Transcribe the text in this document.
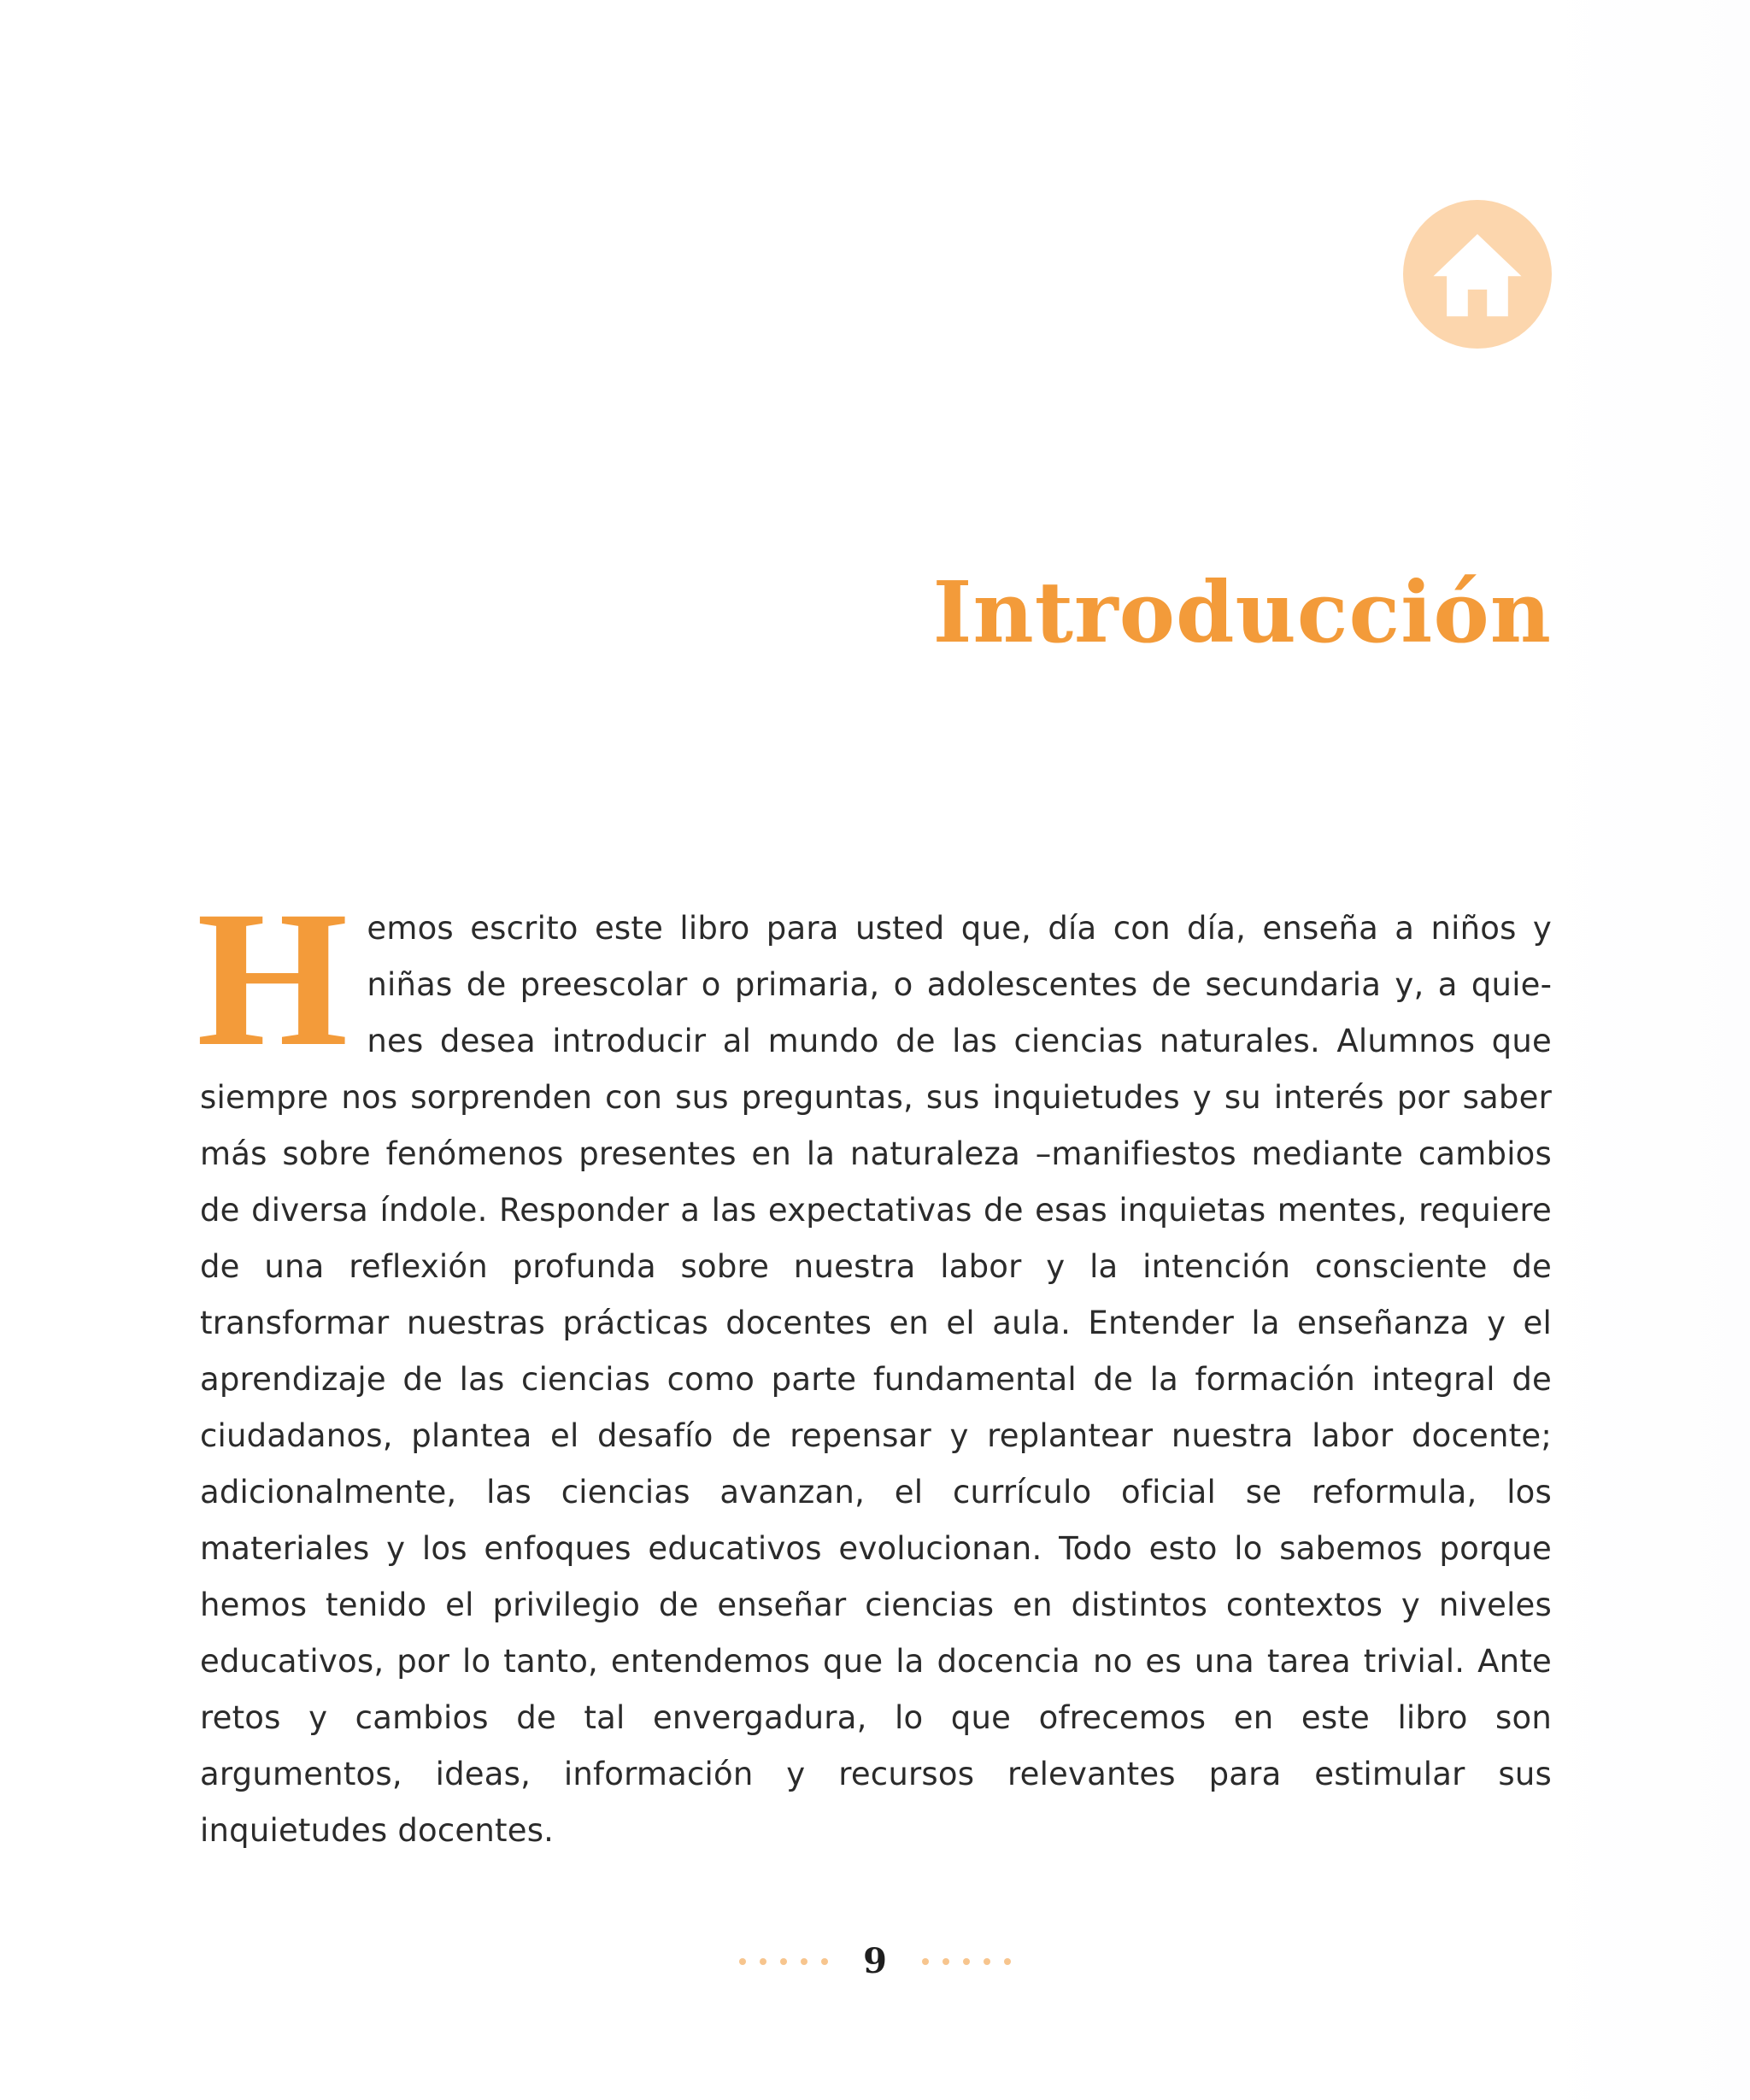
Introducción
H emos escrito este libro para usted que, día con día, enseña a niños y niñas de preescolar o primaria, o adolescentes de secundaria y, a quienes desea introducir al mundo de las ciencias naturales. Alumnos que siempre nos sorprenden con sus preguntas, sus inquietudes y su interés por saber más sobre fenómenos presentes en la naturaleza –manifiestos mediante cambios de diversa índole. Responder a las expectativas de esas inquietas mentes, requiere de una reflexión profunda sobre nuestra labor y la intención consciente de transformar nuestras prácticas docentes en el aula. Entender la enseñanza y el aprendizaje de las ciencias como parte fundamental de la formación integral de ciudadanos, plantea el desafío de repensar y replantear nuestra labor docente; adicionalmente, las ciencias avanzan, el currículo oficial se reformula, los materiales y los enfoques educativos evolucionan. Todo esto lo sabemos porque hemos tenido el privilegio de enseñar ciencias en distintos contextos y niveles educativos, por lo tanto, entendemos que la docencia no es una tarea trivial. Ante retos y cambios de tal envergadura, lo que ofrecemos en este libro son argumentos, ideas, información y recursos relevantes para estimular sus inquietudes docentes.

9
